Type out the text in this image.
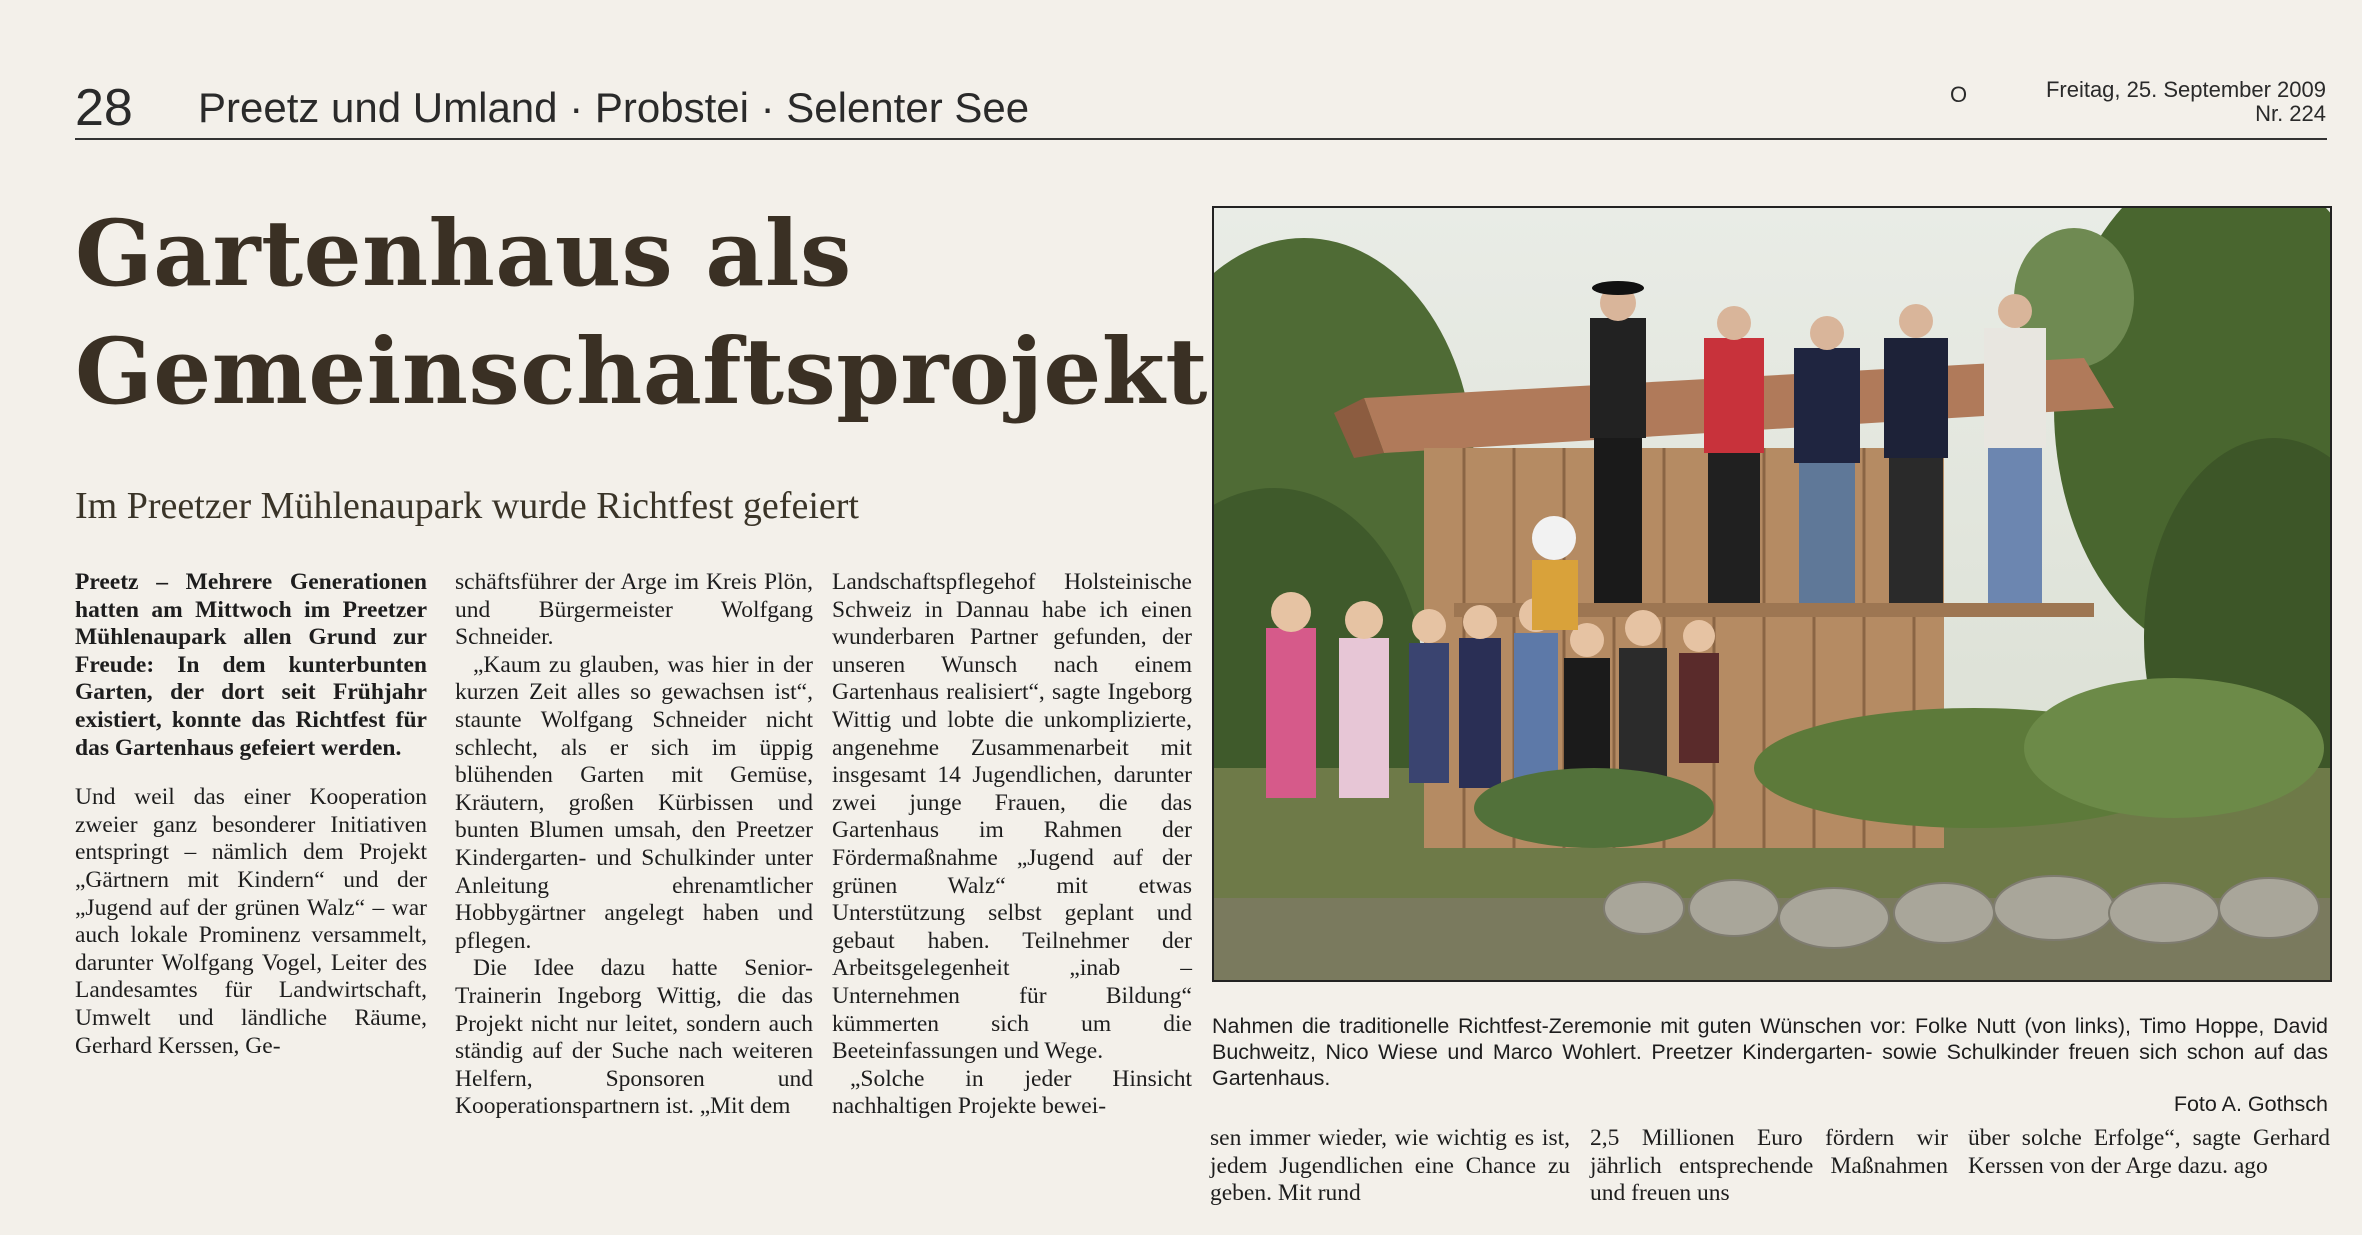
28 Preetz und Umland · Probstei · Selenter See	O	Freitag, 25. September 2009
Nr. 224
Gartenhaus als
Gemeinschaftsprojekt
Im Preetzer Mühlenaupark wurde Richtfest gefeiert

Preetz – Mehrere Generationen hatten am Mittwoch im Preetzer Mühlenaupark allen Grund zur Freude: In dem kunterbunten Garten, der dort seit Frühjahr existiert, konnte das Richtfest für das Gartenhaus gefeiert werden.

Und weil das einer Kooperation zweier ganz besonderer Initiativen entspringt – nämlich dem Projekt „Gärtnern mit Kindern“ und der „Jugend auf der grünen Walz“ – war auch lokale Prominenz versammelt, darunter Wolfgang Vogel, Leiter des Landesamtes für Landwirtschaft, Umwelt und ländliche Räume, Gerhard Kerssen, Ge-

schäftsführer der Arge im Kreis Plön, und Bürgermeister Wolfgang Schneider.

„Kaum zu glauben, was hier in der kurzen Zeit alles so gewachsen ist“, staunte Wolfgang Schneider nicht schlecht, als er sich im üppig blühenden Garten mit Gemüse, Kräutern, großen Kürbissen und bunten Blumen umsah, den Preetzer Kindergarten- und Schulkinder unter Anleitung ehrenamtlicher Hobbygärtner angelegt haben und pflegen.

Die Idee dazu hatte Senior-Trainerin Ingeborg Wittig, die das Projekt nicht nur leitet, sondern auch ständig auf der Suche nach weiteren Helfern, Sponsoren und Kooperationspartnern ist. „Mit dem

Landschaftspflegehof Holsteinische Schweiz in Dannau habe ich einen wunderbaren Partner gefunden, der unseren Wunsch nach einem Gartenhaus realisiert“, sagte Ingeborg Wittig und lobte die unkomplizierte, angenehme Zusammenarbeit mit insgesamt 14 Jugendlichen, darunter zwei junge Frauen, die das Gartenhaus im Rahmen der Fördermaßnahme „Jugend auf der grünen Walz“ mit etwas Unterstützung selbst geplant und gebaut haben. Teilnehmer der Arbeitsgelegenheit „inab – Unternehmen für Bildung“ kümmerten sich um die Beeteinfassungen und Wege.

„Solche in jeder Hinsicht nachhaltigen Projekte bewei-

sen immer wieder, wie wichtig es ist, jedem Jugendlichen eine Chance zu geben. Mit rund

2,5 Millionen Euro fördern wir jährlich entsprechende Maßnahmen und freuen uns

über solche Erfolge“, sagte Gerhard Kerssen von der Arge dazu. ago

Nahmen die traditionelle Richtfest-Zeremonie mit guten Wünschen vor: Folke Nutt (von links), Timo Hoppe, David Buchweitz, Nico Wiese und Marco Wohlert. Preetzer Kindergarten- sowie Schulkinder freuen sich schon auf das Gartenhaus.
Foto A. Gothsch
